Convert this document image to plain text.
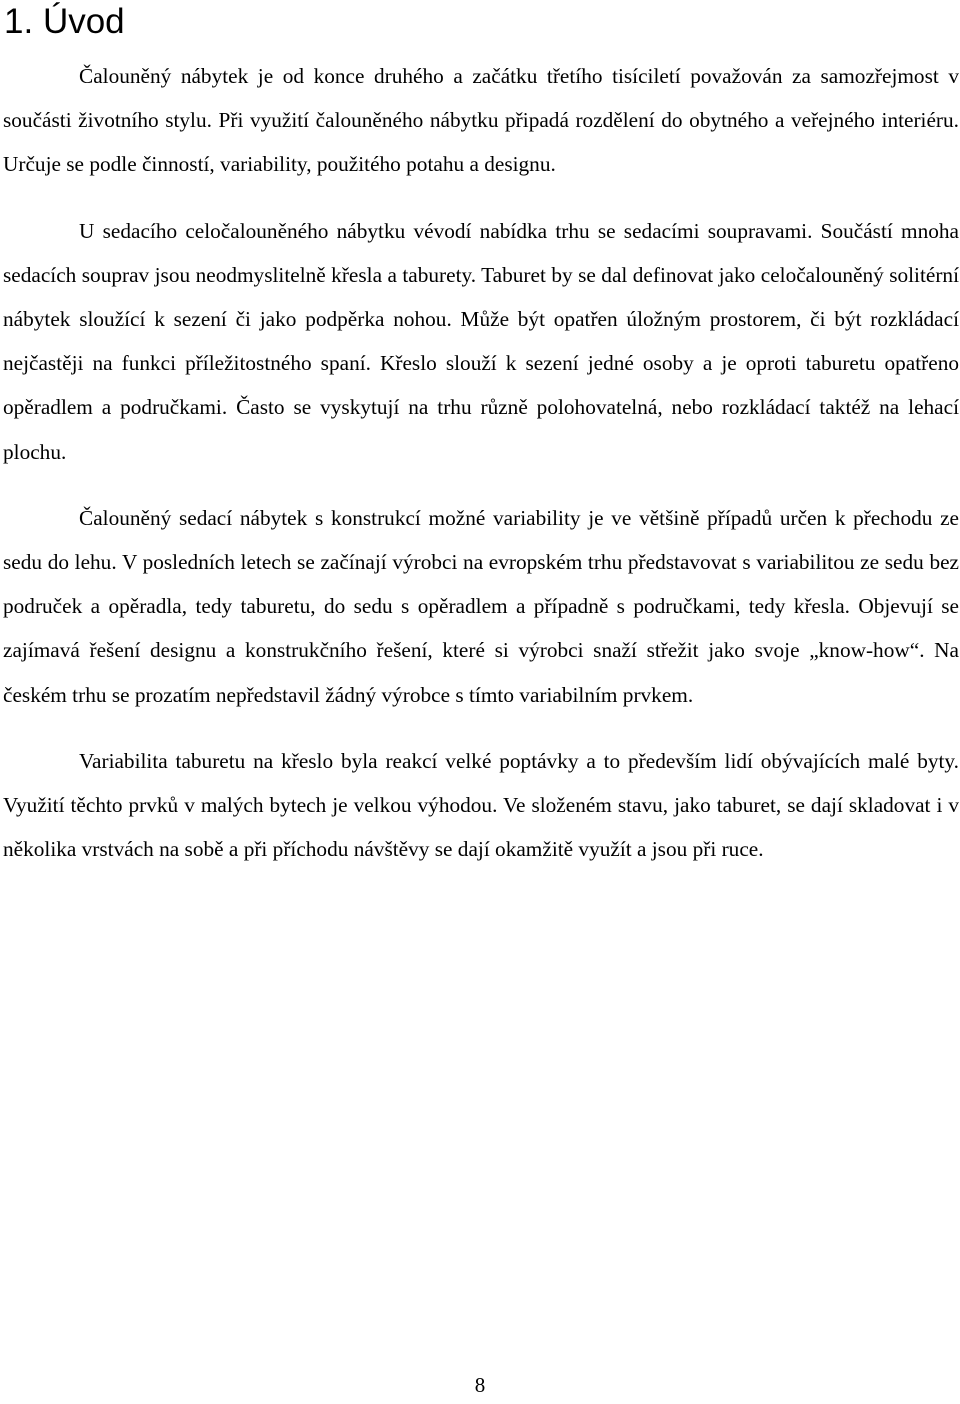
1. Úvod

Čalouněný nábytek je od konce druhého a začátku třetího tisíciletí považován za samozřejmost v součásti životního stylu. Při využití čalouněného nábytku připadá rozdělení do obytného a veřejného interiéru. Určuje se podle činností, variability, použitého potahu a designu.

U sedacího celočalouněného nábytku vévodí nabídka trhu se sedacími soupravami. Součástí mnoha sedacích souprav jsou neodmyslitelně křesla a taburety. Taburet by se dal definovat jako celočalouněný solitérní nábytek sloužící k sezení či jako podpěrka nohou. Může být opatřen úložným prostorem, či být rozkládací nejčastěji na funkci příležitostného spaní. Křeslo slouží k sezení jedné osoby a je oproti taburetu opatřeno opěradlem a područkami. Často se vyskytují na trhu různě polohovatelná, nebo rozkládací taktéž na lehací plochu.

Čalouněný sedací nábytek s konstrukcí možné variability je ve většině případů určen k přechodu ze sedu do lehu. V posledních letech se začínají výrobci na evropském trhu představovat s variabilitou ze sedu bez područek a opěradla, tedy taburetu, do sedu s opěradlem a případně s područkami, tedy křesla. Objevují se zajímavá řešení designu a konstrukčního řešení, které si výrobci snaží střežit jako svoje „know-how“. Na českém trhu se prozatím nepředstavil žádný výrobce s tímto variabilním prvkem.

Variabilita taburetu na křeslo byla reakcí velké poptávky a to především lidí obývajících malé byty. Využití těchto prvků v malých bytech je velkou výhodou. Ve složeném stavu, jako taburet, se dají skladovat i v několika vrstvách na sobě a při příchodu návštěvy se dají okamžitě využít a jsou při ruce.

8
